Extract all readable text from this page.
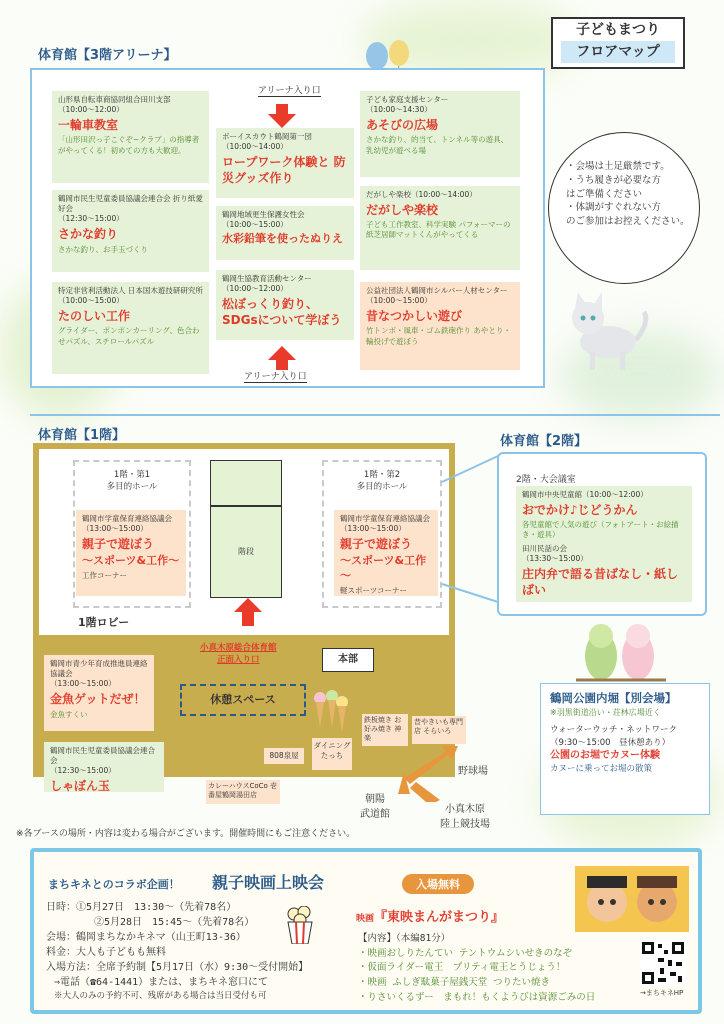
子どもまつり
フロアマップ
体育館【3階アリーナ】
アリーナ入り口
アリーナ入り口
山形県自転車商協同組合田川支部
（10:00～12:00）
一輪車教室
「山形田沢っ子こぐぞ~クラブ」の指導者がやってくる！初めての方も大歓迎。
鶴岡市民生児童委員協議会連合会 折り紙愛好会
（12:30～15:00）
さかな釣り
さかな釣り、お手玉づくり
特定非営利活動法人 日本国木遊技研研究所
（10:00～15:00）
たのしい工作
グライダー、ポンポンカーリング、色合わせパズル、スチロールパズル
ボーイスカウト鶴岡第一団
（10:00～14:00）
ロープワーク体験と 防災グッズ作り
鶴岡地域更生保護女性会
（10:00～15:00）
水彩鉛筆を使ったぬりえ
鶴岡生協教育活動センター
（10:00～12:00）
松ぼっくり釣り、 SDGsについて学ぼう
子ども家庭支援センター
（10:00～14:30）
あそびの広場
さかな釣り、的当て、トンネル等の遊具、乳幼児が遊べる場
だがしや楽校（10:00～14:00）
だがしや楽校
子ども工作教室、科学実験 パフォーマーの紙芝居師マットくんがやってくる
公益社団法人鶴岡市シルバー人材センター（10:00～15:00）
昔なつかしい遊び
竹トンボ・風車・ゴム鉄砲作り あやとり・輪投げで遊ぼう
・会場は土足厳禁です。
・うち履きが必要な方
はご準備ください
・体調がすぐれない方
のご参加はお控えください。
体育館【1階】
1階・第1
多目的ホール
鶴岡市学童保育連絡協議会
（13:00～15:00）
親子で遊ぼう
～スポーツ&工作～
工作コーナー
階段
1階・第2
多目的ホール
鶴岡市学童保育連絡協議会
（13:00～15:00）
親子で遊ぼう
～スポーツ&工作～
軽スポーツコーナー
1階ロビー
小真木原総合体育館
正面入り口	本部
休憩スペース
鶴岡市青少年育成推進員連絡協議会
（13:00～15:00）
金魚ゲットだぜ！
金魚すくい
鶴岡市民生児童委員協議会連合会
（12:30～15:00）
しゃぼん玉
808泉屋
カレーハウスCoCo 壱番屋鶴岡湯田店
ダイニング たっち
鉄板焼き お好み焼き 神楽
昔やきいも専門店 そらいろ
野球場
朝陽
武道館	小真木原
陸上競技場
※各ブースの場所・内容は変わる場合がございます。開催時間にもご注意ください。
体育館【2階】
2階・大会議室
鶴岡市中央児童館（10:00～12:00）
おでかけ♪じどうかん
各児童館で人気の遊び（フォトアート・お絵描き・遊具）
田川民話の会
（13:30～15:00）
庄内弁で語る昔ばなし・紙しばい
鶴岡公園内堀【別会場】
※羽黒街道沿い・荘林広場近く
ウォーターウッチ・ネットワーク
（9:30～15:00　昼休憩あり）
公園のお堀でカヌー体験
カヌーに乗ってお堀の散策
まちキネとのコラボ企画！ 親子映画上映会	入場無料
日時：①5月27日　13:30～（先着78名）
②5月28日　15:45～（先着78名）
会場：鶴岡まちなかキネマ（山王町13-36）
料金：大人も子どもも無料
入場方法：全席予約制【5月17日（水）9:30～受付開始】
⇒電話（☎64-1441）または、まちキネ窓口にて
※大人のみの予約不可、残席がある場合は当日受付も可
映画『東映まんがまつり』
【内容】（本編81分）
・映画おしりたんてい テントウムシいせきのなぞ
・仮面ライダー電王　プリティ電王とうじょう！
・映画 ふしぎ駄菓子屋銭天堂 つりたい焼き
・りさいくるずー　まもれ！もくようびは資源ごみの日	→まちキネHP
